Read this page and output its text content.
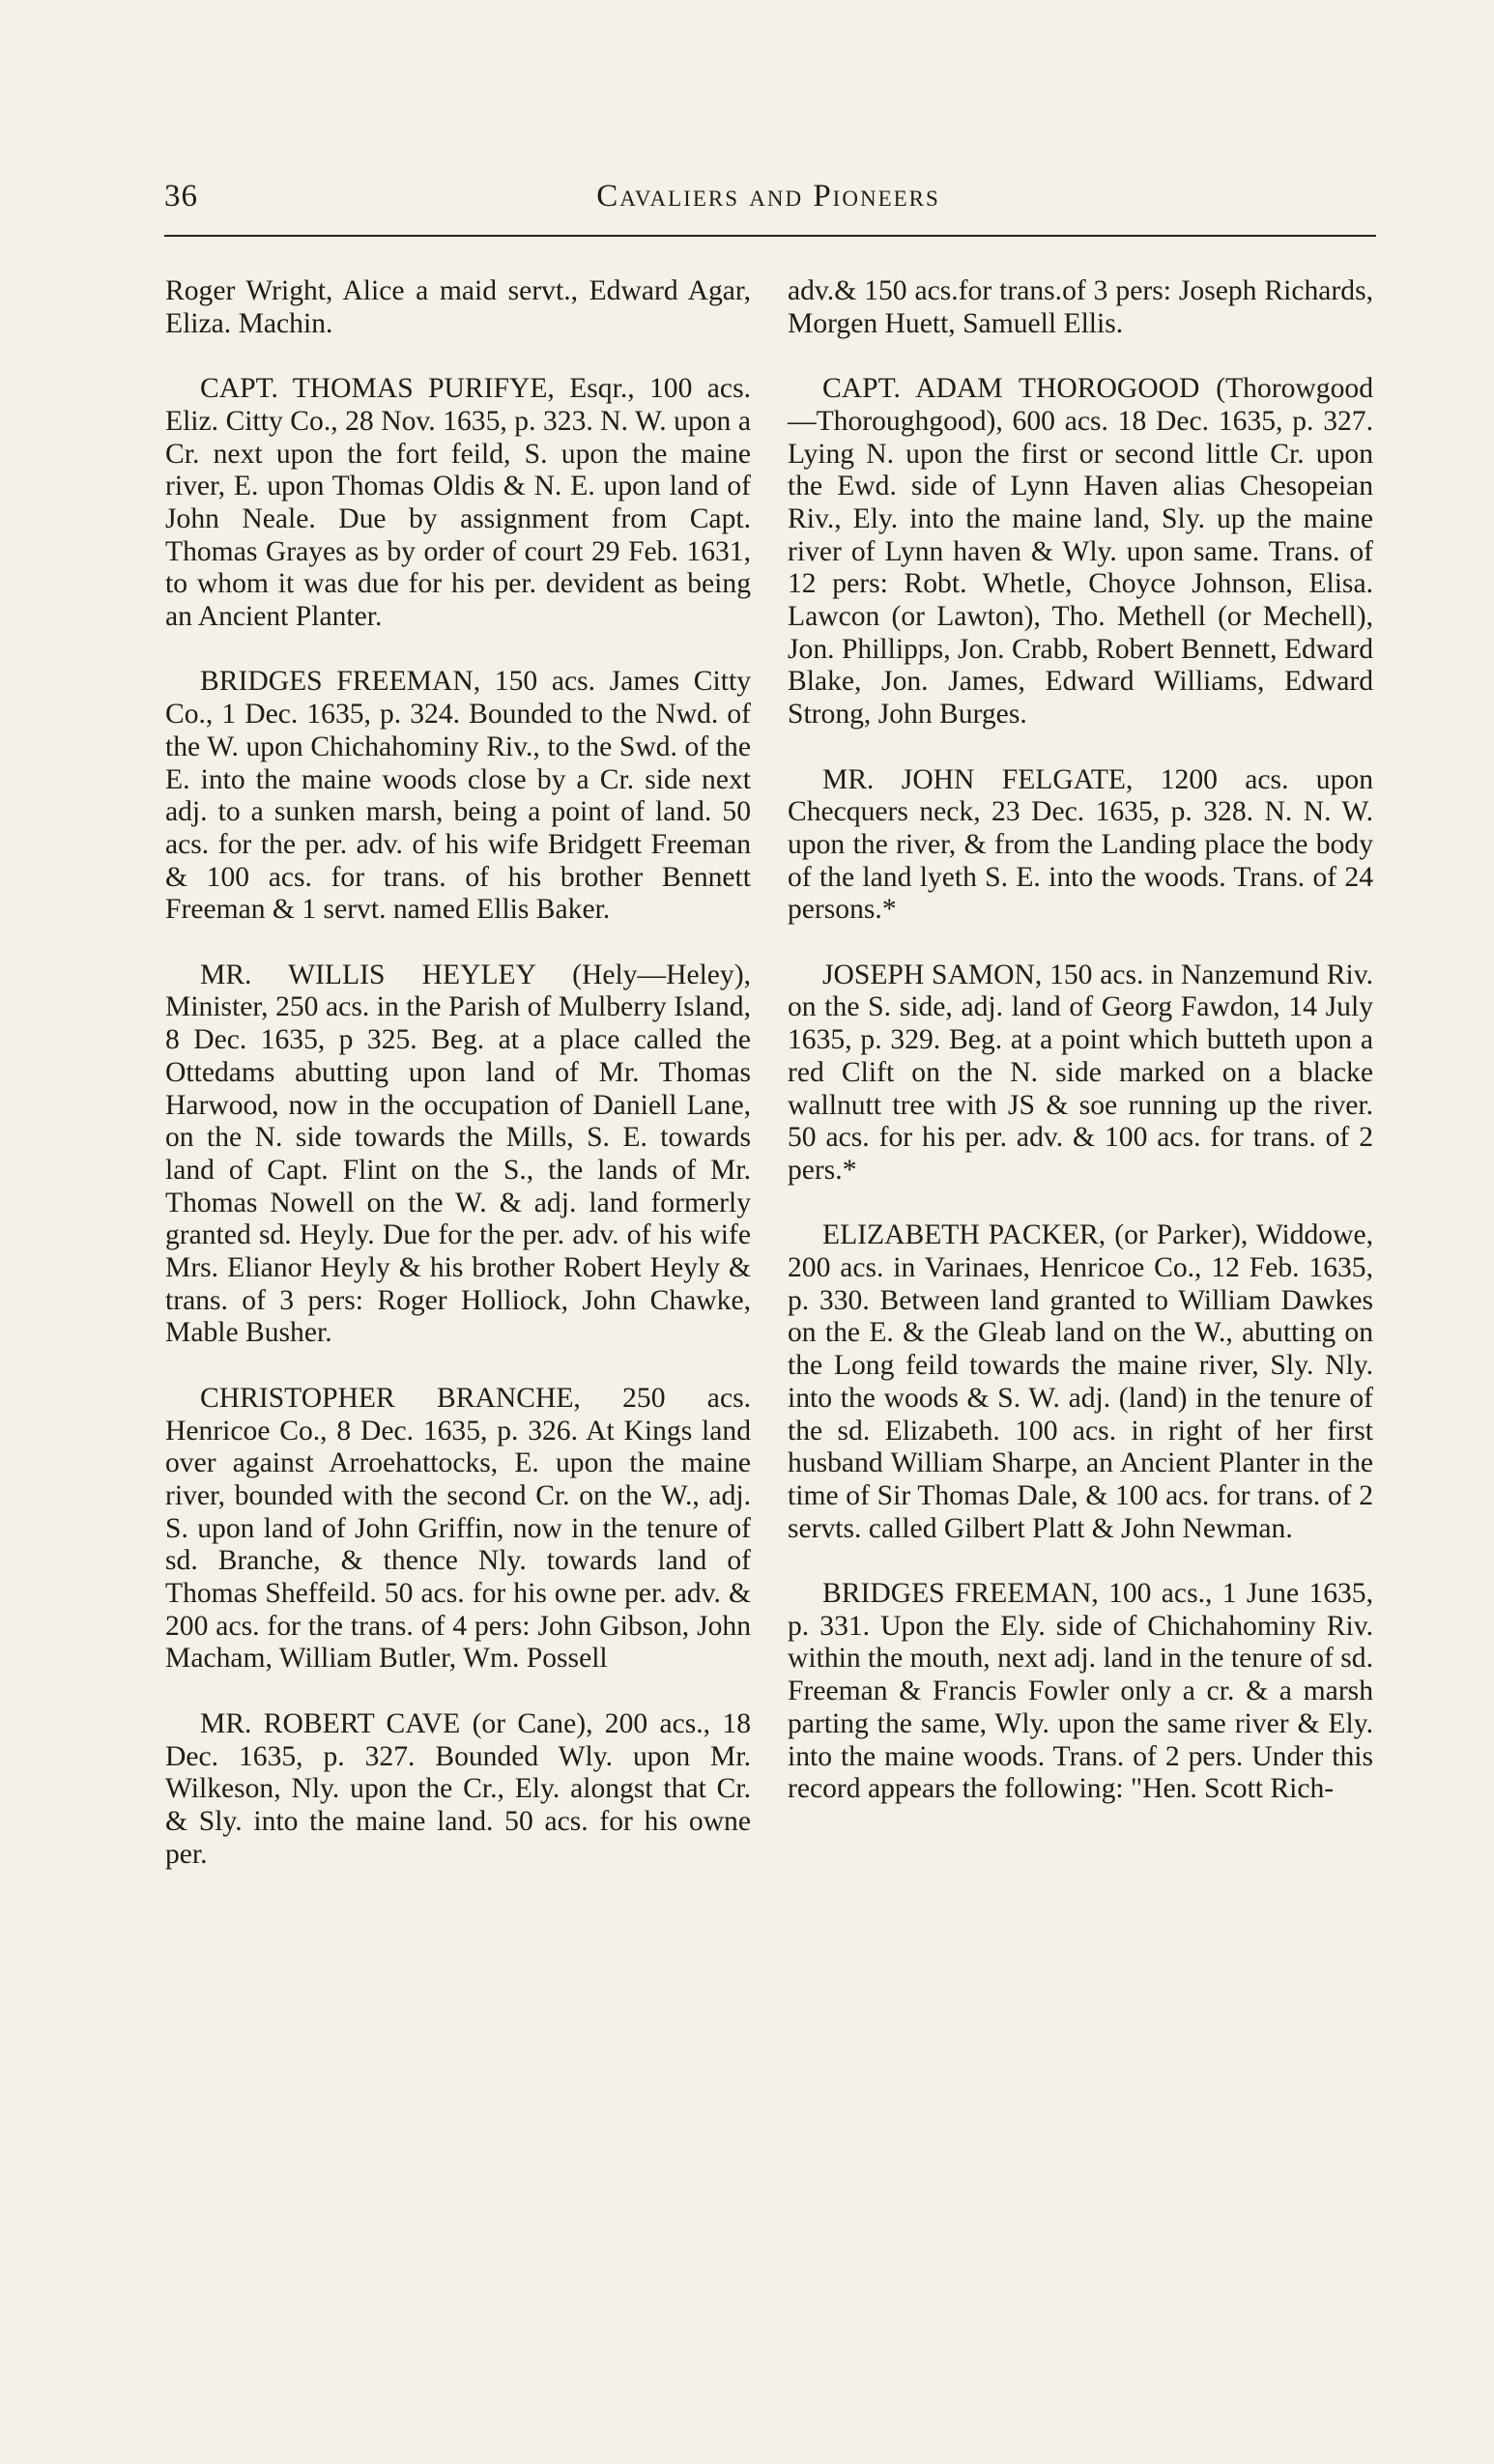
36	Cavaliers and Pioneers

Roger Wright, Alice a maid servt., Edward Agar, Eliza. Machin.

CAPT. THOMAS PURIFYE, Esqr., 100 acs. Eliz. Citty Co., 28 Nov. 1635, p. 323. N. W. upon a Cr. next upon the fort feild, S. upon the maine river, E. upon Thomas Oldis & N. E. upon land of John Neale. Due by assignment from Capt. Thomas Grayes as by order of court 29 Feb. 1631, to whom it was due for his per. devident as being an Ancient Planter.

BRIDGES FREEMAN, 150 acs. James Citty Co., 1 Dec. 1635, p. 324. Bounded to the Nwd. of the W. upon Chichahominy Riv., to the Swd. of the E. into the maine woods close by a Cr. side next adj. to a sunken marsh, being a point of land. 50 acs. for the per. adv. of his wife Bridgett Freeman & 100 acs. for trans. of his brother Bennett Freeman & 1 servt. named Ellis Baker.

MR. WILLIS HEYLEY (Hely—Heley), Minister, 250 acs. in the Parish of Mulberry Island, 8 Dec. 1635, p 325. Beg. at a place called the Ottedams abutting upon land of Mr. Thomas Harwood, now in the occupation of Daniell Lane, on the N. side towards the Mills, S. E. towards land of Capt. Flint on the S., the lands of Mr. Thomas Nowell on the W. & adj. land formerly granted sd. Heyly. Due for the per. adv. of his wife Mrs. Elianor Heyly & his brother Robert Heyly & trans. of 3 pers: Roger Holliock, John Chawke, Mable Busher.

CHRISTOPHER BRANCHE, 250 acs. Henricoe Co., 8 Dec. 1635, p. 326. At Kings land over against Arroehattocks, E. upon the maine river, bounded with the second Cr. on the W., adj. S. upon land of John Griffin, now in the tenure of sd. Branche, & thence Nly. towards land of Thomas Sheffeild. 50 acs. for his owne per. adv. & 200 acs. for the trans. of 4 pers: John Gibson, John Macham, William Butler, Wm. Possell

MR. ROBERT CAVE (or Cane), 200 acs., 18 Dec. 1635, p. 327. Bounded Wly. upon Mr. Wilkeson, Nly. upon the Cr., Ely. alongst that Cr. & Sly. into the maine land. 50 acs. for his owne per.

adv.& 150 acs.for trans.of 3 pers: Joseph Richards, Morgen Huett, Samuell Ellis.

CAPT. ADAM THOROGOOD (Thorowgood—Thoroughgood), 600 acs. 18 Dec. 1635, p. 327. Lying N. upon the first or second little Cr. upon the Ewd. side of Lynn Haven alias Chesopeian Riv., Ely. into the maine land, Sly. up the maine river of Lynn haven & Wly. upon same. Trans. of 12 pers: Robt. Whetle, Choyce Johnson, Elisa. Lawcon (or Lawton), Tho. Methell (or Mechell), Jon. Phillipps, Jon. Crabb, Robert Bennett, Edward Blake, Jon. James, Edward Williams, Edward Strong, John Burges.

MR. JOHN FELGATE, 1200 acs. upon Checquers neck, 23 Dec. 1635, p. 328. N. N. W. upon the river, & from the Landing place the body of the land lyeth S. E. into the woods. Trans. of 24 persons.*

JOSEPH SAMON, 150 acs. in Nanzemund Riv. on the S. side, adj. land of Georg Fawdon, 14 July 1635, p. 329. Beg. at a point which butteth upon a red Clift on the N. side marked on a blacke wallnutt tree with JS & soe running up the river. 50 acs. for his per. adv. & 100 acs. for trans. of 2 pers.*

ELIZABETH PACKER, (or Parker), Widdowe, 200 acs. in Varinaes, Henricoe Co., 12 Feb. 1635, p. 330. Between land granted to William Dawkes on the E. & the Gleab land on the W., abutting on the Long feild towards the maine river, Sly. Nly. into the woods & S. W. adj. (land) in the tenure of the sd. Elizabeth. 100 acs. in right of her first husband William Sharpe, an Ancient Planter in the time of Sir Thomas Dale, & 100 acs. for trans. of 2 servts. called Gilbert Platt & John Newman.

BRIDGES FREEMAN, 100 acs., 1 June 1635, p. 331. Upon the Ely. side of Chichahominy Riv. within the mouth, next adj. land in the tenure of sd. Freeman & Francis Fowler only a cr. & a marsh parting the same, Wly. upon the same river & Ely. into the maine woods. Trans. of 2 pers. Under this record appears the following: "Hen. Scott Rich-
